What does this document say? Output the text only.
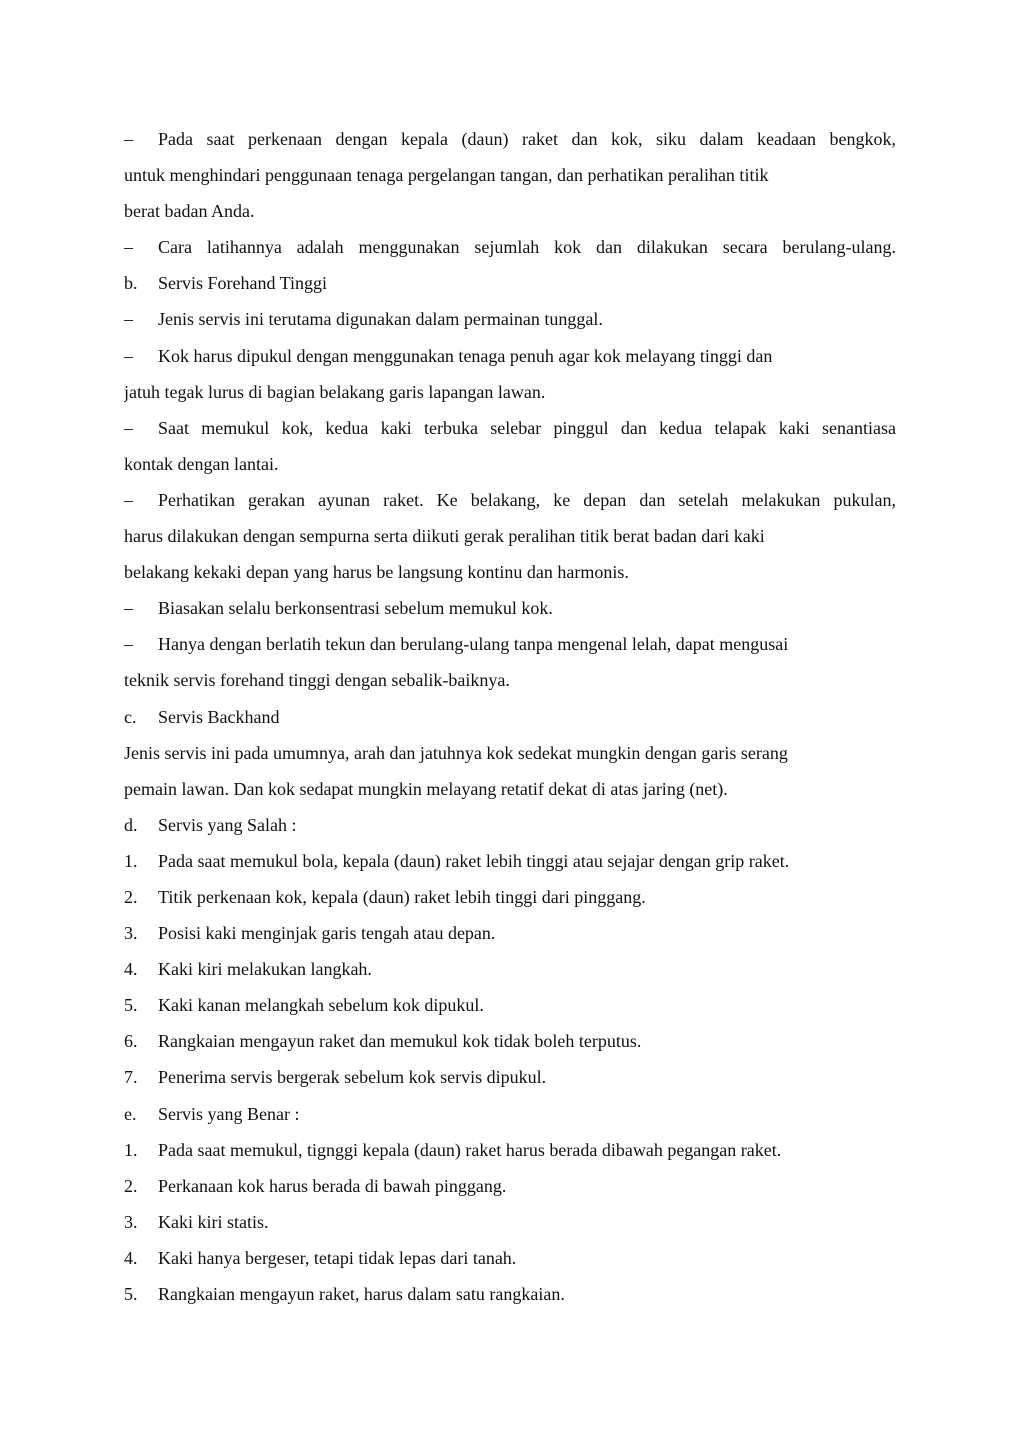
–	Pada saat perkenaan dengan kepala (daun) raket dan kok, siku dalam keadaan bengkok,
untuk menghindari penggunaan tenaga pergelangan tangan, dan perhatikan peralihan titik
berat badan Anda.
–	Cara latihannya adalah menggunakan sejumlah kok dan dilakukan secara berulang-ulang.
b.	Servis Forehand Tinggi
–	Jenis servis ini terutama digunakan dalam permainan tunggal.
–	Kok harus dipukul dengan menggunakan tenaga penuh agar kok melayang tinggi dan
jatuh tegak lurus di bagian belakang garis lapangan lawan.
–	Saat memukul kok, kedua kaki terbuka selebar pinggul dan kedua telapak kaki senantiasa
kontak dengan lantai.
–	Perhatikan gerakan ayunan raket. Ke belakang, ke depan dan setelah melakukan pukulan,
harus dilakukan dengan sempurna serta diikuti gerak peralihan titik berat badan dari kaki
belakang kekaki depan yang harus be langsung kontinu dan harmonis.
–	Biasakan selalu berkonsentrasi sebelum memukul kok.
–	Hanya dengan berlatih tekun dan berulang-ulang tanpa mengenal lelah, dapat mengusai
teknik servis forehand tinggi dengan sebalik-baiknya.
c.	Servis Backhand
Jenis servis ini pada umumnya, arah dan jatuhnya kok sedekat mungkin dengan garis serang
pemain lawan. Dan kok sedapat mungkin melayang retatif dekat di atas jaring (net).
d.	Servis yang Salah :
1.	Pada saat memukul bola, kepala (daun) raket lebih tinggi atau sejajar dengan grip raket.
2.	Titik perkenaan kok, kepala (daun) raket lebih tinggi dari pinggang.
3.	Posisi kaki menginjak garis tengah atau depan.
4.	Kaki kiri melakukan langkah.
5.	Kaki kanan melangkah sebelum kok dipukul.
6.	Rangkaian mengayun raket dan memukul kok tidak boleh terputus.
7.	Penerima servis bergerak sebelum kok servis dipukul.
e.	Servis yang Benar :
1.	Pada saat memukul, tignggi kepala (daun) raket harus berada dibawah pegangan raket.
2.	Perkanaan kok harus berada di bawah pinggang.
3.	Kaki kiri statis.
4.	Kaki hanya bergeser, tetapi tidak lepas dari tanah.
5.	Rangkaian mengayun raket, harus dalam satu rangkaian.
